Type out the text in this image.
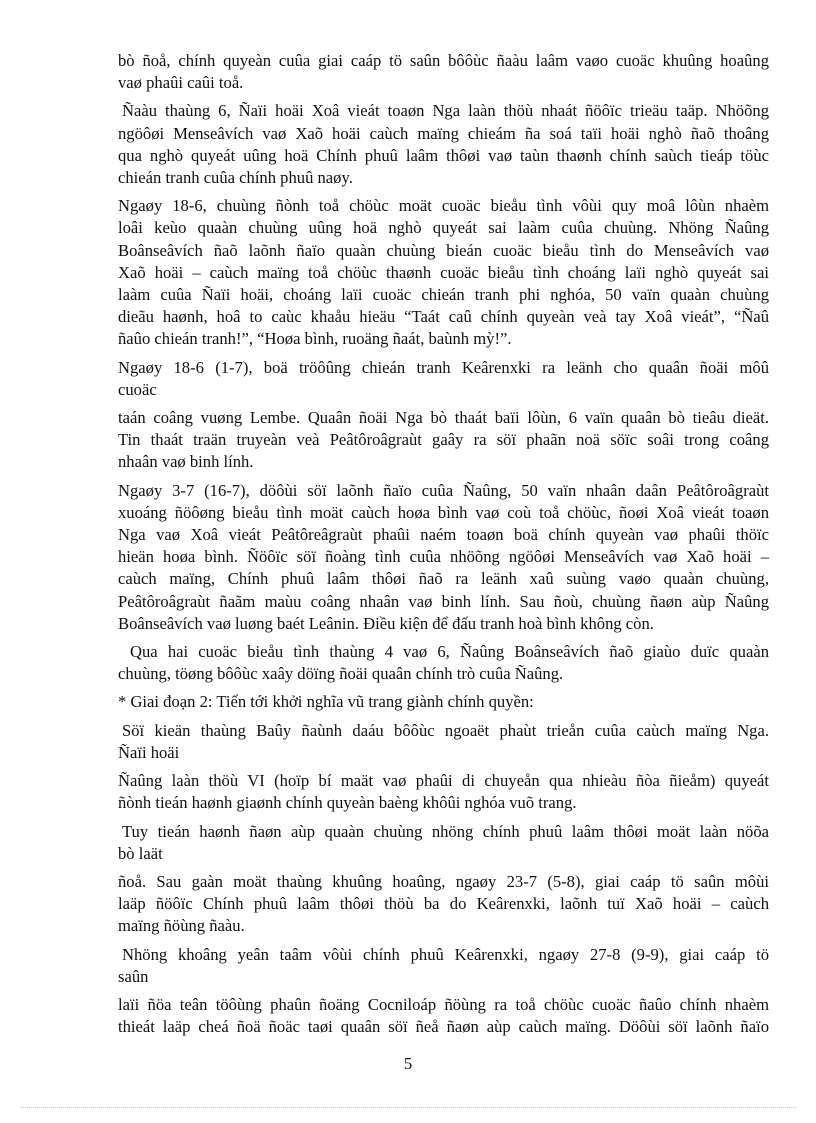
bò ñoå, chính quyeàn cuûa giai caáp tö saûn bôôùc ñaàu laâm vaøo cuoäc khuûng hoaûng

vaø phaûi caûi toå.

Ñaàu thaùng 6, Ñaïi hoäi Xoâ vieát toaøn Nga laàn thöù nhaát ñöôïc trieäu taäp. Nhöõng

ngöôøi Menseâvích vaø Xaõ hoäi caùch maïng chieám ña soá taïi hoäi nghò ñaõ thoâng

qua nghò quyeát uûng hoä Chính phuû laâm thôøi vaø taùn thaønh chính saùch tieáp töùc

chieán tranh cuûa chính phuû naøy.

Ngaøy 18-6, chuùng ñònh toå chöùc moät cuoäc bieåu tình vôùi quy moâ lôùn nhaèm

loâi keùo quaàn chuùng uûng hoä nghò quyeát sai laàm cuûa chuùng. Nhöng Ñaûng

Boânseâvích ñaõ laõnh ñaïo quaàn chuùng bieán cuoäc bieåu tình do Menseâvích vaø

Xaõ hoäi – caùch maïng toå chöùc thaønh cuoäc bieåu tình choáng laïi nghò quyeát sai

laàm cuûa Ñaïi hoäi, choáng laïi cuoäc chieán tranh phi nghóa, 50 vaïn quaàn chuùng

dieãu haønh, hoâ to caùc khaåu hieäu “Taát caû chính quyeàn veà tay Xoâ vieát”, “Ñaû

ñaûo chieán tranh!”, “Hoøa bình, ruoäng ñaát, baùnh mỳ!”.

Ngaøy 18-6 (1-7), boä tröôûng chieán tranh Keârenxki ra leänh cho quaân ñoäi môû

cuoäc

taán coâng vuøng Lembe. Quaân ñoäi Nga bò thaát baïi lôùn, 6 vaïn quaân bò tieâu dieät.

Tin thaát traän truyeàn veà Peâtôroâgraùt gaây ra söï phaãn noä söïc soâi trong coâng

nhaân vaø binh lính.

Ngaøy 3-7 (16-7), döôùi söï laõnh ñaïo cuûa Ñaûng, 50 vaïn nhaân daân Peâtôroâgraùt

xuoáng ñöôøng bieåu tình moät caùch hoøa bình vaø coù toå chöùc, ñoøi Xoâ vieát toaøn

Nga vaø Xoâ vieát Peâtôreâgraùt phaûi naém toaøn boä chính quyeàn vaø phaûi thöïc

hieän hoøa bình. Ñöôïc söï ñoàng tình cuûa nhöõng ngöôøi Menseâvích vaø Xaõ hoäi –

caùch maïng, Chính phuû laâm thôøi ñaõ ra leänh xaû suùng vaøo quaàn chuùng,

Peâtôroâgraùt ñaãm maùu coâng nhaân vaø binh lính. Sau ñoù, chuùng ñaøn aùp Ñaûng

Boânseâvích vaø luøng baét Leânin. Điều kiện để đấu tranh hoà bình không còn.

Qua hai cuoäc bieåu tình thaùng 4 vaø 6, Ñaûng Boânseâvích ñaõ giaùo duïc quaàn

chuùng, töøng bôôùc xaây döïng ñoäi quaân chính trò cuûa Ñaûng.

* Giai đoạn 2: Tiến tới khởi nghĩa vũ trang giành chính quyền:

Söï kieän thaùng Baûy ñaùnh daáu bôôùc ngoaët phaùt trieån cuûa caùch maïng Nga.

Ñaïi hoäi

Ñaûng laàn thöù VI (hoïp bí maät vaø phaûi di chuyeån qua nhieàu ñòa ñieåm) quyeát

ñònh tieán haønh giaønh chính quyeàn baèng khôûi nghóa vuõ trang.

Tuy tieán haønh ñaøn aùp quaàn chuùng nhöng chính phuû laâm thôøi moät laàn nöõa

bò laät

ñoå. Sau gaàn moät thaùng khuûng hoaûng, ngaøy 23-7 (5-8), giai caáp tö saûn môùi

laäp ñöôïc Chính phuû laâm thôøi thöù ba do Keârenxki, laõnh tuï Xaõ hoäi – caùch

maïng ñöùng ñaàu.

Nhöng khoâng yeân taâm vôùi chính phuû Keârenxki, ngaøy 27-8 (9-9), giai caáp tö

saûn

laïi ñöa teân töôùng phaûn ñoäng Cocniloáp ñöùng ra toå chöùc cuoäc ñaûo chính nhaèm

thieát laäp cheá ñoä ñoäc taøi quaân söï ñeå ñaøn aùp caùch maïng. Döôùi söï laõnh ñaïo

5
